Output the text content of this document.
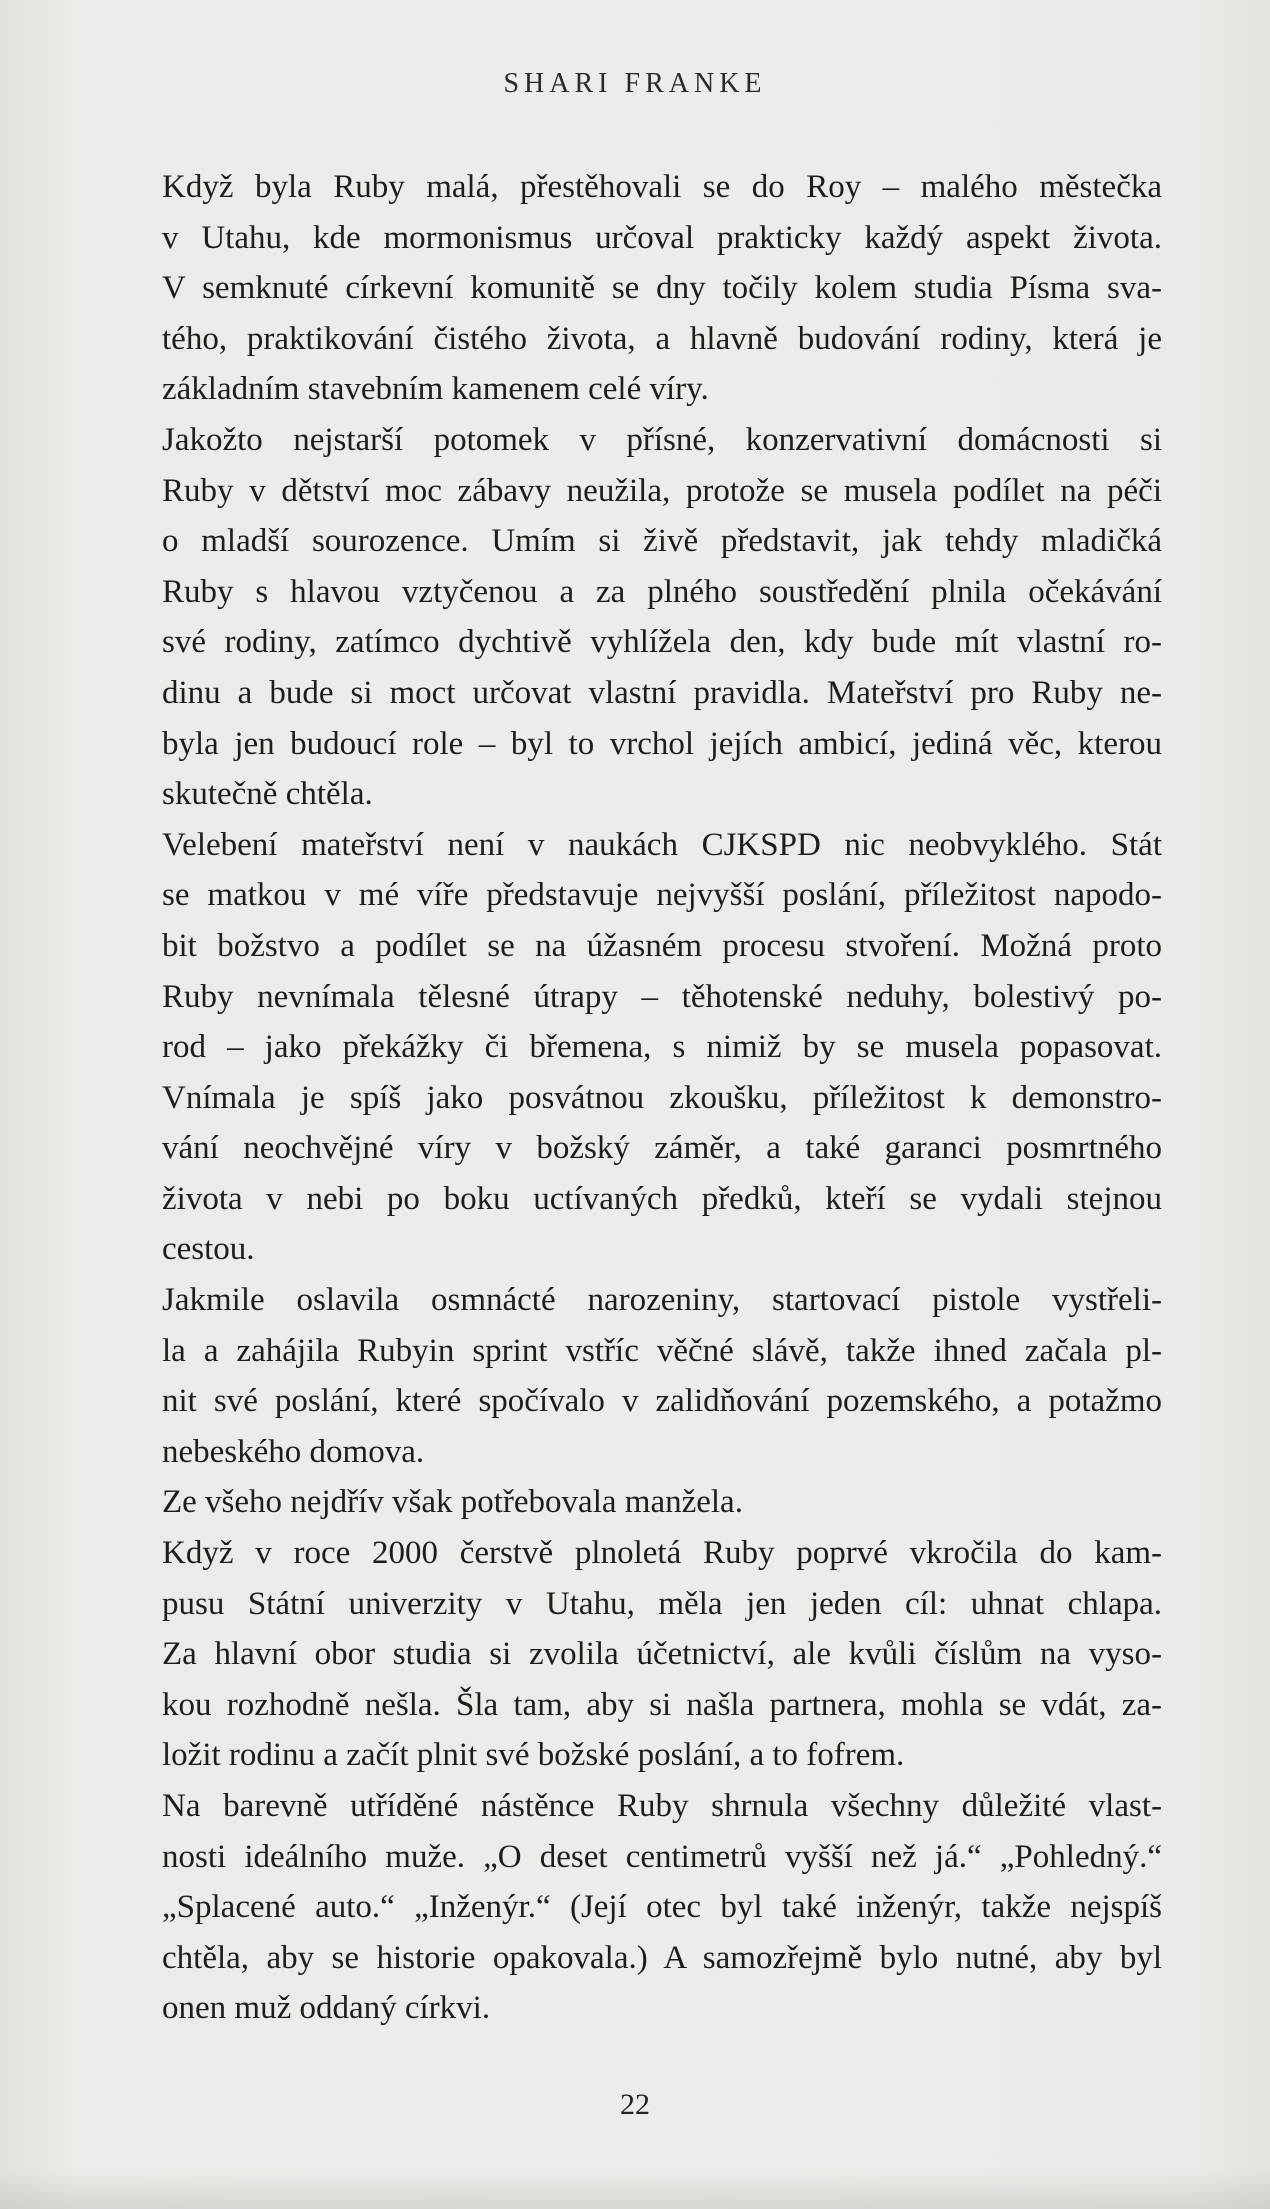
SHARI FRANKE
Když byla Ruby malá, přestěhovali se do Roy – malého městečka
v Utahu, kde mormonismus určoval prakticky každý aspekt života.
V semknuté církevní komunitě se dny točily kolem studia Písma sva-
tého, praktikování čistého života, a hlavně budování rodiny, která je
základním stavebním kamenem celé víry.
Jakožto nejstarší potomek v přísné, konzervativní domácnosti si
Ruby v dětství moc zábavy neužila, protože se musela podílet na péči
o mladší sourozence. Umím si živě představit, jak tehdy mladičká
Ruby s hlavou vztyčenou a za plného soustředění plnila očekávání
své rodiny, zatímco dychtivě vyhlížela den, kdy bude mít vlastní ro-
dinu a bude si moct určovat vlastní pravidla. Mateřství pro Ruby ne-
byla jen budoucí role – byl to vrchol jejích ambicí, jediná věc, kterou
skutečně chtěla.
Velebení mateřství není v naukách CJKSPD nic neobvyklého. Stát
se matkou v mé víře představuje nejvyšší poslání, příležitost napodo-
bit božstvo a podílet se na úžasném procesu stvoření. Možná proto
Ruby nevnímala tělesné útrapy – těhotenské neduhy, bolestivý po-
rod – jako překážky či břemena, s nimiž by se musela popasovat.
Vnímala je spíš jako posvátnou zkoušku, příležitost k demonstro-
vání neochvějné víry v božský záměr, a také garanci posmrtného
života v nebi po boku uctívaných předků, kteří se vydali stejnou
cestou.
Jakmile oslavila osmnácté narozeniny, startovací pistole vystřeli-
la a zahájila Rubyin sprint vstříc věčné slávě, takže ihned začala pl-
nit své poslání, které spočívalo v zalidňování pozemského, a potažmo
nebeského domova.
Ze všeho nejdřív však potřebovala manžela.
Když v roce 2000 čerstvě plnoletá Ruby poprvé vkročila do kam-
pusu Státní univerzity v Utahu, měla jen jeden cíl: uhnat chlapa.
Za hlavní obor studia si zvolila účetnictví, ale kvůli číslům na vyso-
kou rozhodně nešla. Šla tam, aby si našla partnera, mohla se vdát, za-
ložit rodinu a začít plnit své božské poslání, a to fofrem.
Na barevně utříděné nástěnce Ruby shrnula všechny důležité vlast-
nosti ideálního muže. „O deset centimetrů vyšší než já.“ „Pohledný.“
„Splacené auto.“ „Inženýr.“ (Její otec byl také inženýr, takže nejspíš
chtěla, aby se historie opakovala.) A samozřejmě bylo nutné, aby byl
onen muž oddaný církvi.
22
